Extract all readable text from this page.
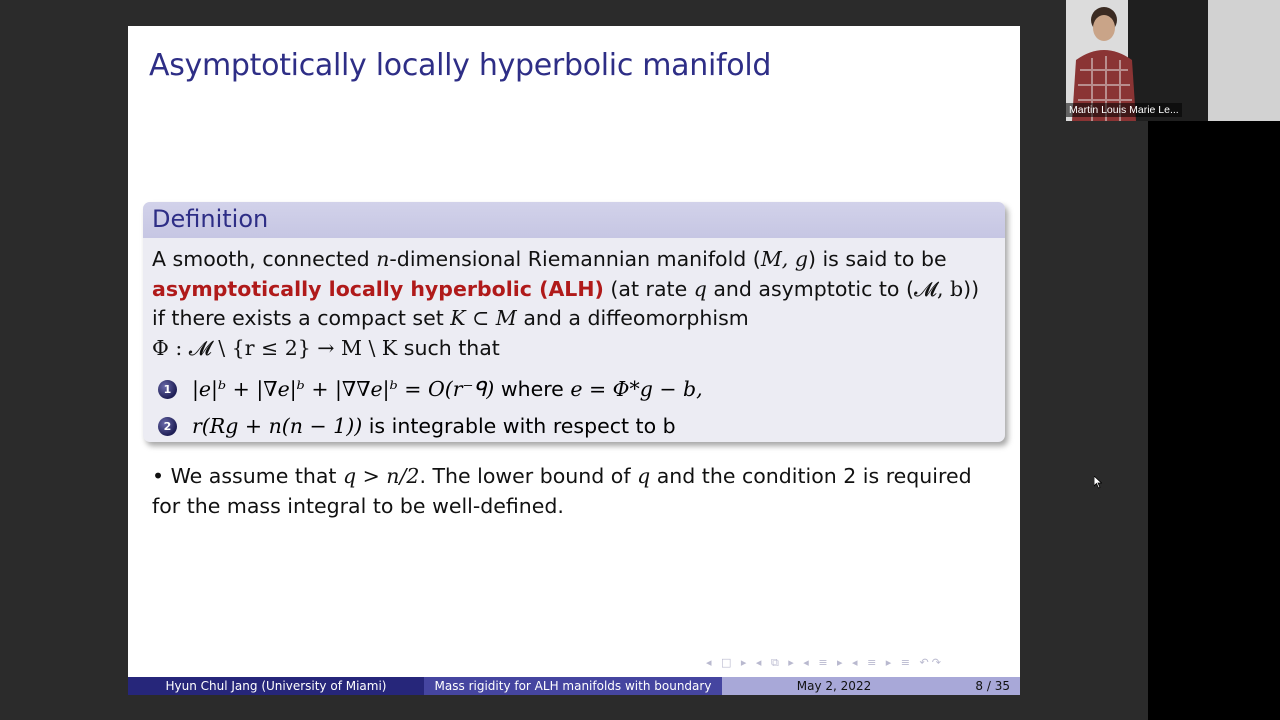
Asymptotically locally hyperbolic manifold
Definition
A smooth, connected n-dimensional Riemannian manifold (M, g) is said to be
asymptotically locally hyperbolic (ALH) (at rate q and asymptotic to (𝓜, b))
if there exists a compact set K ⊂ M and a diffeomorphism
Φ : 𝓜 \ {r ≤ 2} → M \ K such that
1 |e|ᵇ + |∇e|ᵇ + |∇∇e|ᵇ = O(r⁻ᑫ) where e = Φ*g − b,
2 r(R𝑔 + n(n − 1)) is integrable with respect to b
• We assume that q > n/2. The lower bound of q and the condition 2 is required
for the mass integral to be well-defined.
◂ □ ▸ ◂ ⧉ ▸ ◂ ≡ ▸ ◂ ≡ ▸ ≡ ↶↷
Hyun Chul Jang (University of Miami)	Mass rigidity for ALH manifolds with boundary	May 2, 2022	8 / 35
Martin Louis Marie Le...
